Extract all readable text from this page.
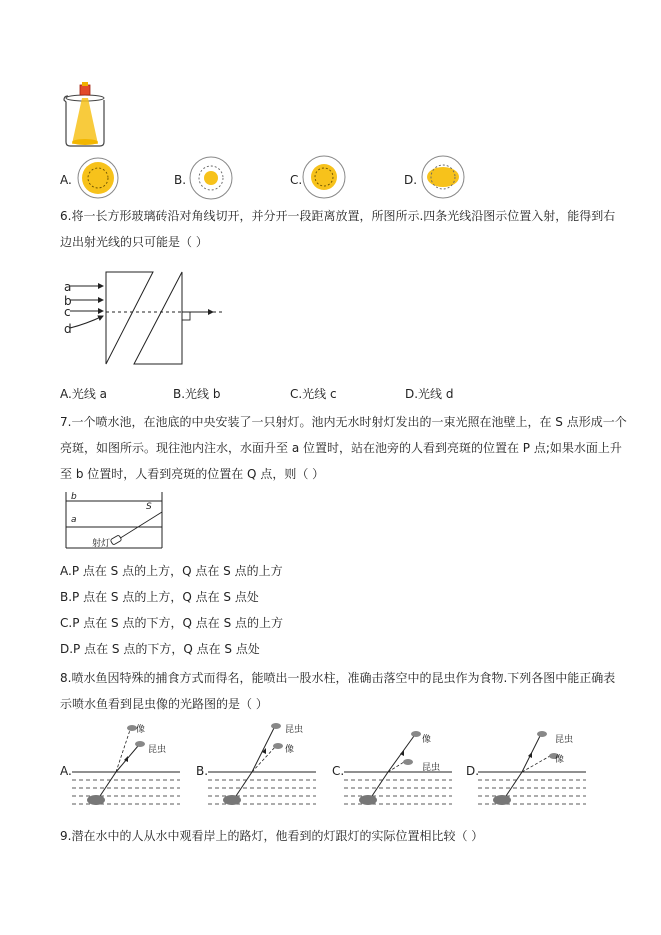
A.	B.	C.	D.
6.将一长方形玻璃砖沿对角线切开，并分开一段距离放置，所图所示.四条光线沿图示位置入射，能得到右
边出射光线的只可能是（ ）
a
b
c
d
A.光线 a	B.光线 b	C.光线 c	D.光线 d
7.一个喷水池，在池底的中央安装了一只射灯。池内无水时射灯发出的一束光照在池壁上，在 S 点形成一个
亮斑，如图所示。现往池内注水，水面升至 a 位置时，站在池旁的人看到亮斑的位置在 P 点;如果水面上升
至 b 位置时，人看到亮斑的位置在 Q 点，则（ ）
b
a
S
射灯
A.P 点在 S 点的上方，Q 点在 S 点的上方
B.P 点在 S 点的上方，Q 点在 S 点处
C.P 点在 S 点的下方，Q 点在 S 点的上方
D.P 点在 S 点的下方，Q 点在 S 点处
8.喷水鱼因特殊的捕食方式而得名，能喷出一股水柱，准确击落空中的昆虫作为食物.下列各图中能正确表
示喷水鱼看到昆虫像的光路图的是（ ）
A.
像
昆虫
B.
昆虫
像
C.
像
昆虫 D.
昆虫
像
9.潜在水中的人从水中观看岸上的路灯，他看到的灯跟灯的实际位置相比较（ ）
